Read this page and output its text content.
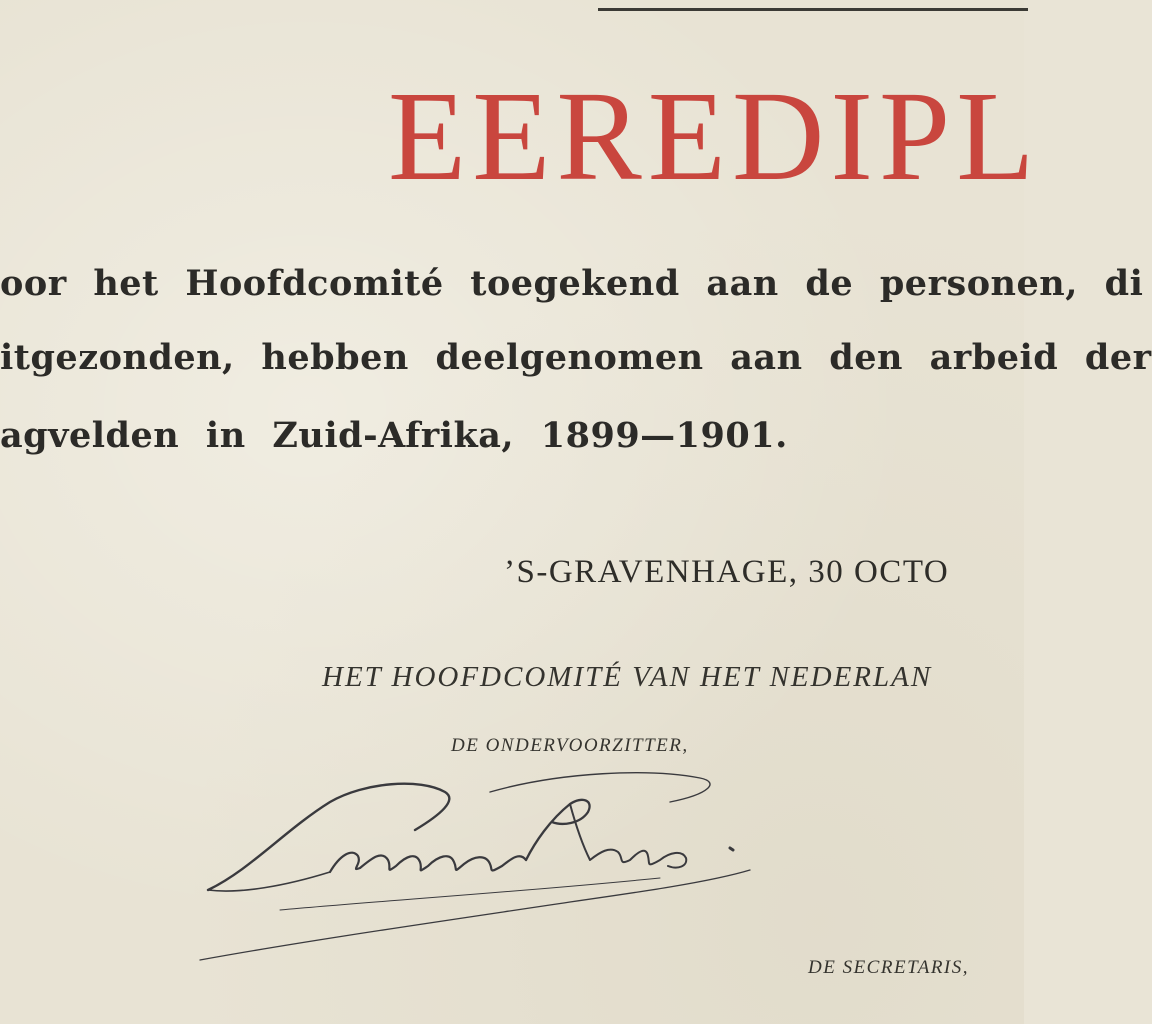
EEREDIPL

oor het Hoofdcomité toegekend aan de personen, di

itgezonden, hebben deelgenomen aan den arbeid der

agvelden in Zuid-Afrika, 1899—1901.

’S-GRAVENHAGE, 30 OCTO

HET HOOFDCOMITÉ VAN HET NEDERLAN

DE ONDERVOORZITTER,

DE SECRETARIS,
